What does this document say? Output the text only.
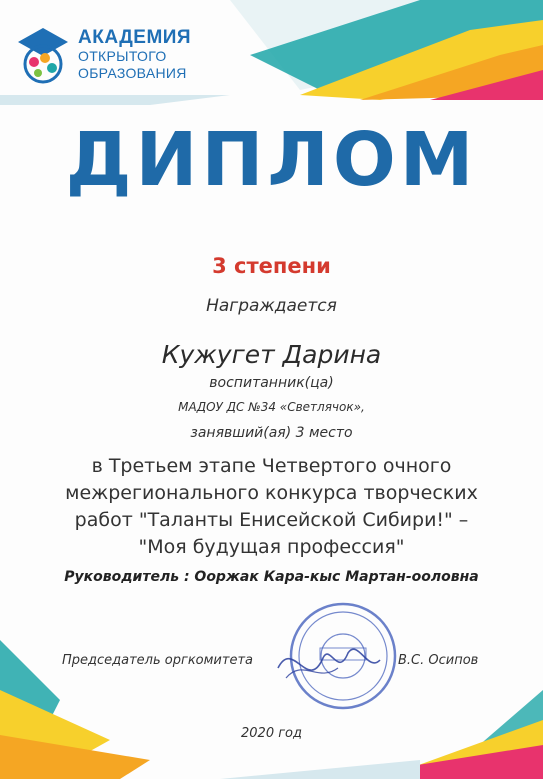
АКАДЕМИЯ
ОТКРЫТОГО
ОБРАЗОВАНИЯ
ДИПЛОМ
3 степени
Награждается
Кужугет Дарина
воспитанник(ца)
МАДОУ ДС №34 «Светлячок»,
занявший(ая) 3 место
в Третьем этапе Четвертого очного
межрегионального конкурса творческих
работ "Таланты Енисейской Сибири!" –
"Моя будущая профессия"
Руководитель : Ооржак Кара-кыс Мартан-ооловна
Председатель оргкомитета	В.С. Осипов
2020 год
